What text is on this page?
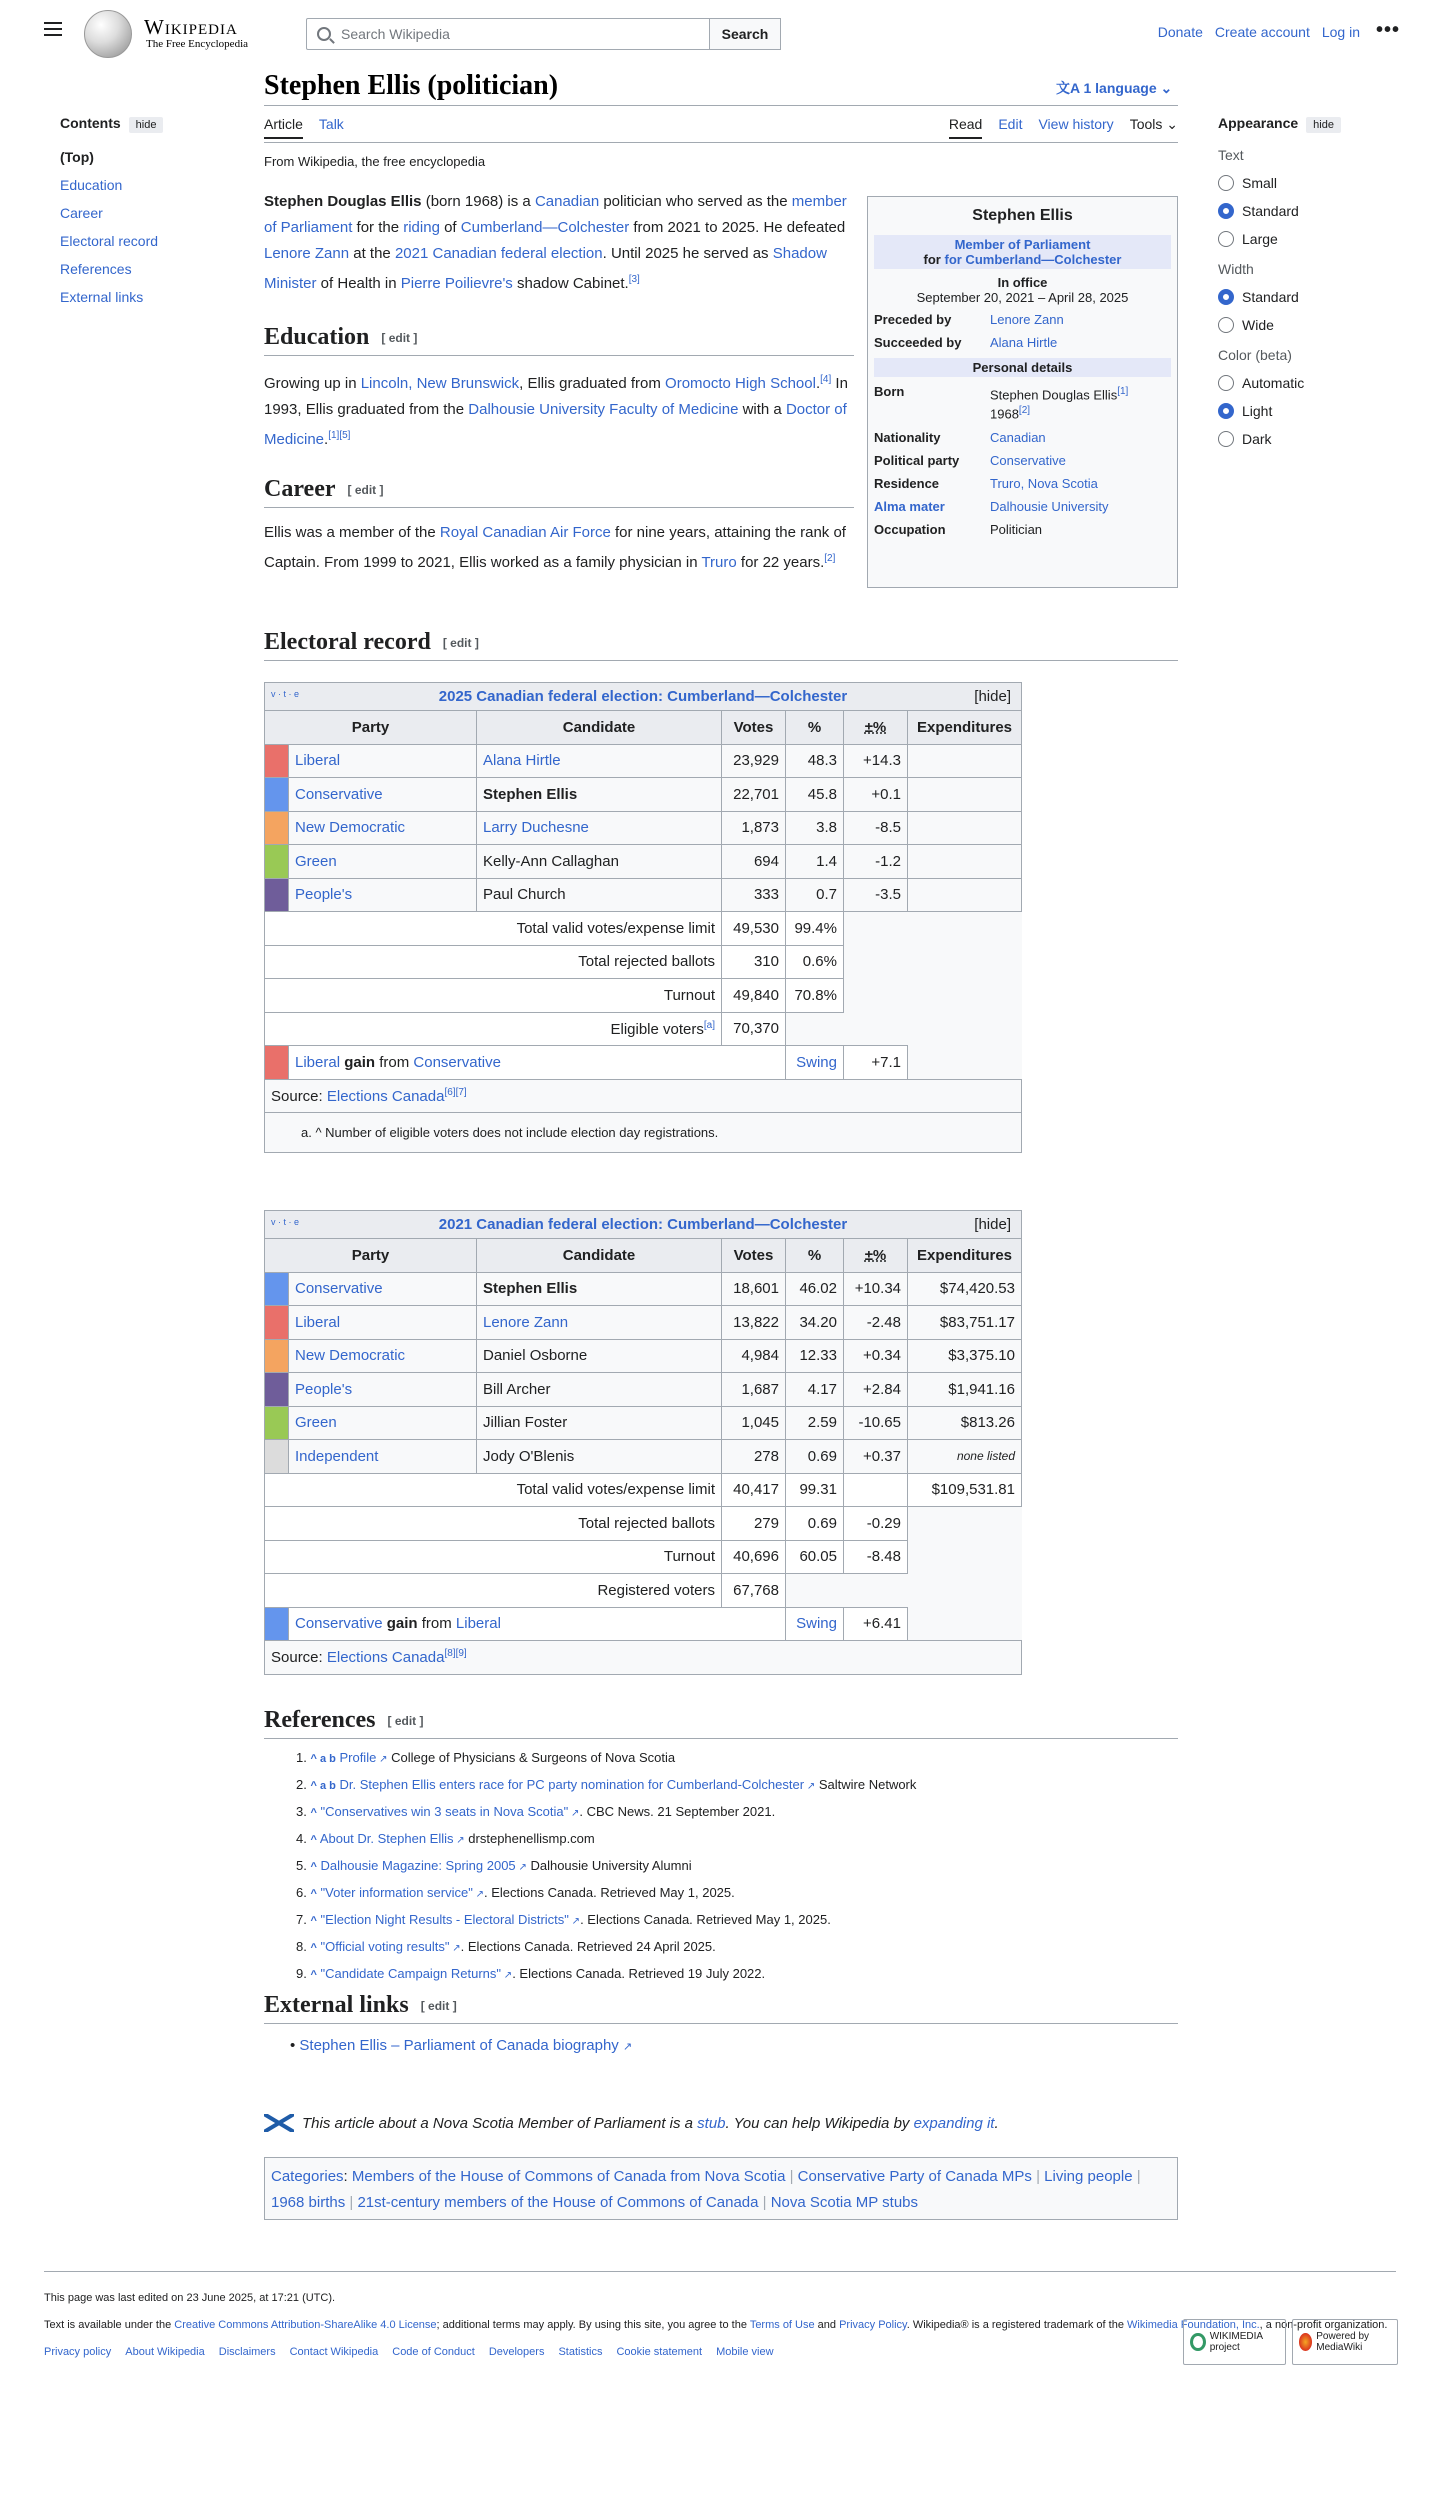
Wikipedia
The Free Encyclopedia
Search Wikipedia
Search	Donate Create account Log in •••
Stephen Ellis (politician)	文A 1 language ⌄
Article Talk	Read Edit View history Tools ⌄
From Wikipedia, the free encyclopedia
Contents hide
(Top)
Education
Career
Electoral record
References
External links
Appearance hide
Text
Small
Standard
Large
Width
Standard
Wide
Color (beta)
Automatic
Light
Dark

Stephen Douglas Ellis (born 1968) is a Canadian politician who served as the member of Parliament for the riding of Cumberland—Colchester from 2021 to 2025. He defeated Lenore Zann at the 2021 Canadian federal election. Until 2025 he served as Shadow Minister of Health in Pierre Poilievre's shadow Cabinet.[3]

Stephen Ellis
Member of Parliament
for for Cumberland—Colchester
In office
September 20, 2021 – April 28, 2025
Preceded by	Lenore Zann
Succeeded by	Alana Hirtle
Personal details
Born	Stephen Douglas Ellis[1]
1968[2]
Nationality	Canadian
Political party	Conservative
Residence	Truro, Nova Scotia
Alma mater	Dalhousie University
Occupation	Politician
Education [ edit ]

Growing up in Lincoln, New Brunswick, Ellis graduated from Oromocto High School.[4] In 1993, Ellis graduated from the Dalhousie University Faculty of Medicine with a Doctor of Medicine.[1][5]

Career [ edit ]

Ellis was a member of the Royal Canadian Air Force for nine years, attaining the rank of Captain. From 1999 to 2021, Ellis worked as a family physician in Truro for 22 years.[2]

Electoral record [ edit ]
v · t · e 2025 Canadian federal election: Cumberland—Colchester [hide]						

Party		Candidate	Votes	%	±%	Expenditures
	Liberal	Alana Hirtle	23,929	48.3	+14.3	
	Conservative	Stephen Ellis	22,701	45.8	+0.1	
	New Democratic	Larry Duchesne	1,873	3.8	-8.5	
	Green	Kelly-Ann Callaghan	694	1.4	-1.2	
	People's	Paul Church	333	0.7	-3.5	
Total valid votes/expense limit			49,530	99.4%		
Total rejected ballots			310	0.6%		
Turnout			49,840	70.8%		
Eligible voters[a]			70,370			
	Liberal gain from Conservative			Swing	+7.1	
Source: Elections Canada[6][7]
a. ^ Number of eligible voters does not include election day registrations.						
v · t · e 2021 Canadian federal election: Cumberland—Colchester [hide]						

Party		Candidate	Votes	%	±%	Expenditures
	Conservative	Stephen Ellis	18,601	46.02	+10.34	$74,420.53
	Liberal	Lenore Zann	13,822	34.20	-2.48	$83,751.17
	New Democratic	Daniel Osborne	4,984	12.33	+0.34	$3,375.10
	People's	Bill Archer	1,687	4.17	+2.84	$1,941.16
	Green	Jillian Foster	1,045	2.59	-10.65	$813.26
	Independent	Jody O'Blenis	278	0.69	+0.37	none listed
Total valid votes/expense limit			40,417	99.31		$109,531.81
Total rejected ballots			279	0.69	-0.29	
Turnout			40,696	60.05	-8.48	
Registered voters			67,768			
	Conservative gain from Liberal			Swing	+6.41	
Source: Elections Canada[8][9]
References [ edit ]
1. ^ a b Profile ↗ College of Physicians & Surgeons of Nova Scotia
2. ^ a b Dr. Stephen Ellis enters race for PC party nomination for Cumberland-Colchester ↗ Saltwire Network
3. ^ "Conservatives win 3 seats in Nova Scotia" ↗. CBC News. 21 September 2021.
4. ^ About Dr. Stephen Ellis ↗ drstephenellismp.com
5. ^ Dalhousie Magazine: Spring 2005 ↗ Dalhousie University Alumni
6. ^ "Voter information service" ↗. Elections Canada. Retrieved May 1, 2025.
7. ^ "Election Night Results - Electoral Districts" ↗. Elections Canada. Retrieved May 1, 2025.
8. ^ "Official voting results" ↗. Elections Canada. Retrieved 24 April 2025.
9. ^ "Candidate Campaign Returns" ↗. Elections Canada. Retrieved 19 July 2022.
External links [ edit ]
• Stephen Ellis – Parliament of Canada biography ↗
This article about a Nova Scotia Member of Parliament is a stub. You can help Wikipedia by expanding it.
Categories: Members of the House of Commons of Canada from Nova Scotia | Conservative Party of Canada MPs | Living people | 1968 births | 21st-century members of the House of Commons of Canada | Nova Scotia MP stubs
This page was last edited on 23 June 2025, at 17:21 (UTC).
Text is available under the Creative Commons Attribution-ShareAlike 4.0 License; additional terms may apply. By using this site, you agree to the Terms of Use and Privacy Policy. Wikipedia® is a registered trademark of the Wikimedia Foundation, Inc., a non-profit organization.
Privacy policy About Wikipedia Disclaimers Contact Wikipedia Code of Conduct Developers Statistics Cookie statement Mobile view
WIKIMEDIA project
Powered by MediaWiki
